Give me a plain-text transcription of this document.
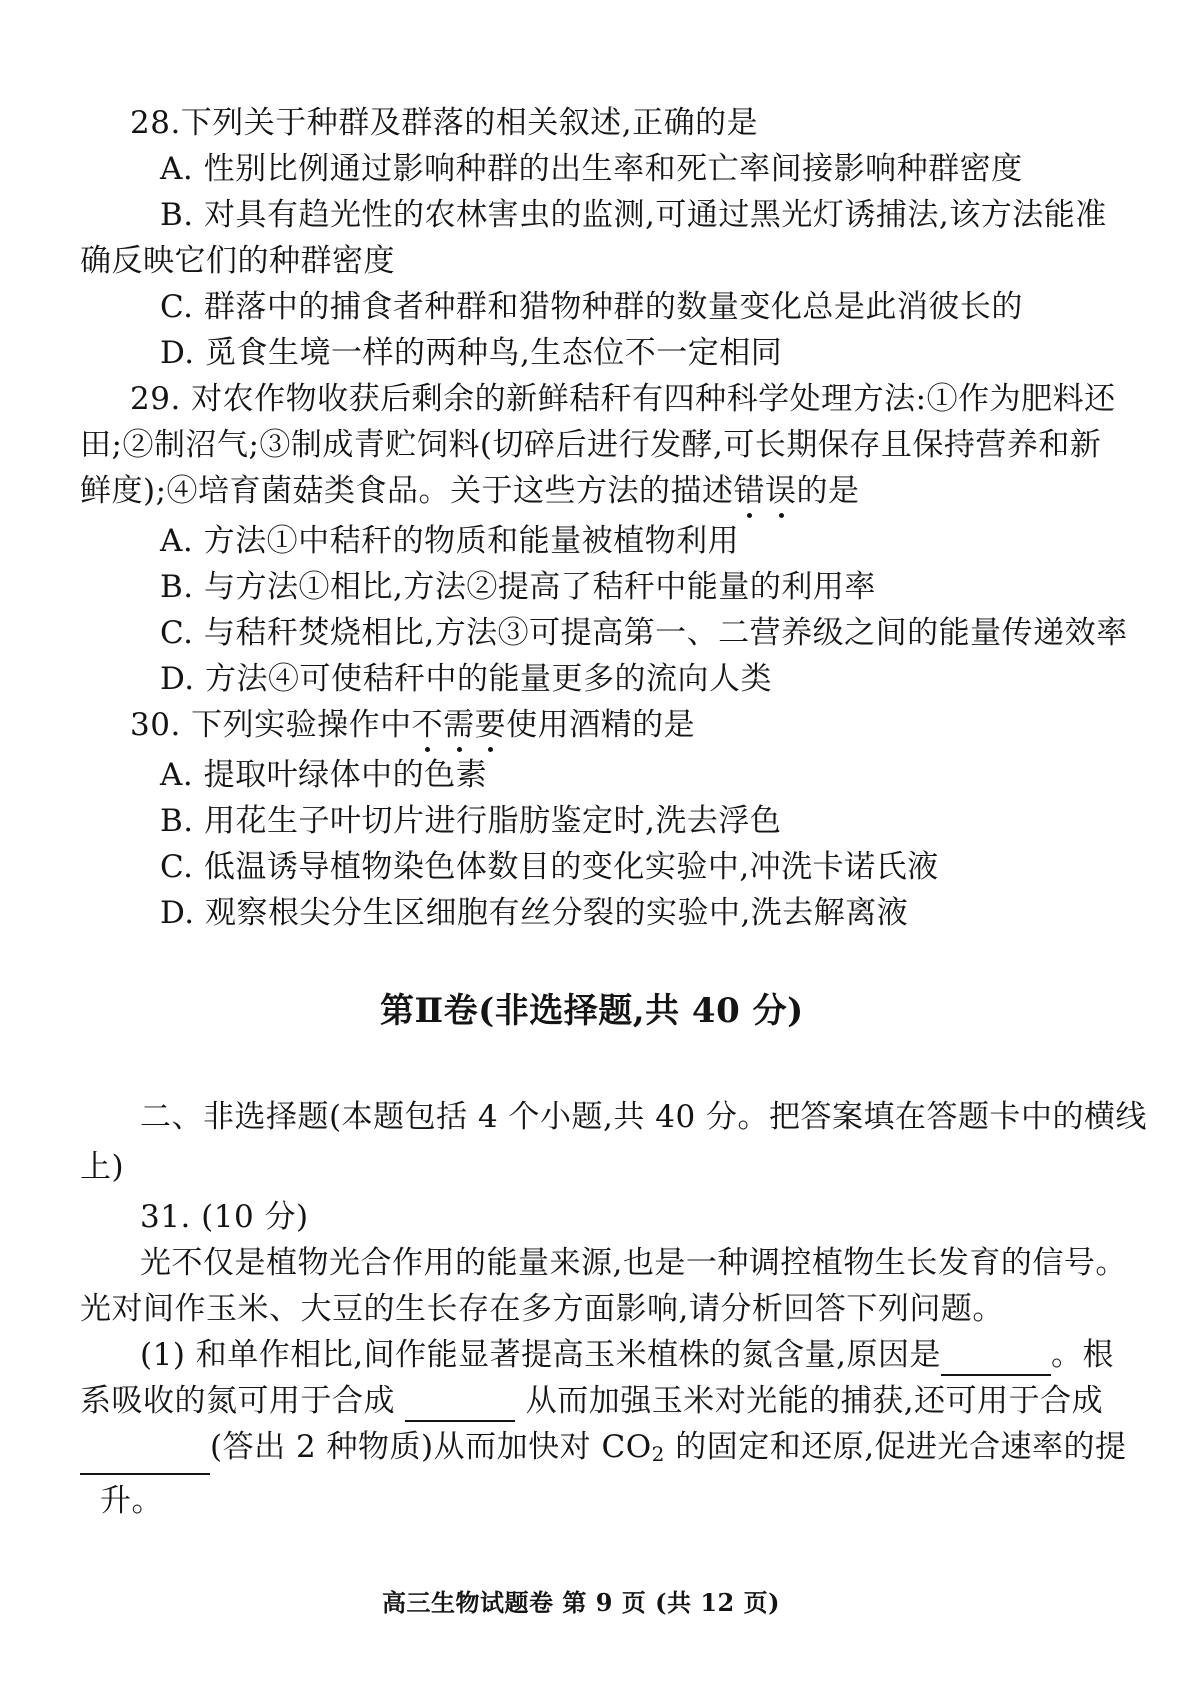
28.下列关于种群及群落的相关叙述,正确的是
A. 性别比例通过影响种群的出生率和死亡率间接影响种群密度
B. 对具有趋光性的农林害虫的监测,可通过黑光灯诱捕法,该方法能准
确反映它们的种群密度
C. 群落中的捕食者种群和猎物种群的数量变化总是此消彼长的
D. 觅食生境一样的两种鸟,生态位不一定相同
29. 对农作物收获后剩余的新鲜秸秆有四种科学处理方法:①作为肥料还
田;②制沼气;③制成青贮饲料(切碎后进行发酵,可长期保存且保持营养和新
鲜度);④培育菌菇类食品。关于这些方法的描述错误的是
A. 方法①中秸秆的物质和能量被植物利用
B. 与方法①相比,方法②提高了秸秆中能量的利用率
C. 与秸秆焚烧相比,方法③可提高第一、二营养级之间的能量传递效率
D. 方法④可使秸秆中的能量更多的流向人类
30. 下列实验操作中不需要使用酒精的是
A. 提取叶绿体中的色素
B. 用花生子叶切片进行脂肪鉴定时,洗去浮色
C. 低温诱导植物染色体数目的变化实验中,冲洗卡诺氏液
D. 观察根尖分生区细胞有丝分裂的实验中,洗去解离液
第Ⅱ卷(非选择题,共 40 分)
二、非选择题(本题包括 4 个小题,共 40 分。把答案填在答题卡中的横线
上)
31. (10 分)
光不仅是植物光合作用的能量来源,也是一种调控植物生长发育的信号。
光对间作玉米、大豆的生长存在多方面影响,请分析回答下列问题。
(1) 和单作相比,间作能显著提高玉米植株的氮含量,原因是	。根
系吸收的氮可用于合成	从而加强玉米对光能的捕获,还可用于合成
(答出 2 种物质)从而加快对 $CO_2$ 的固定和还原,促进光合速率的提
升。
高三生物试题卷 第 9 页 (共 12 页)
